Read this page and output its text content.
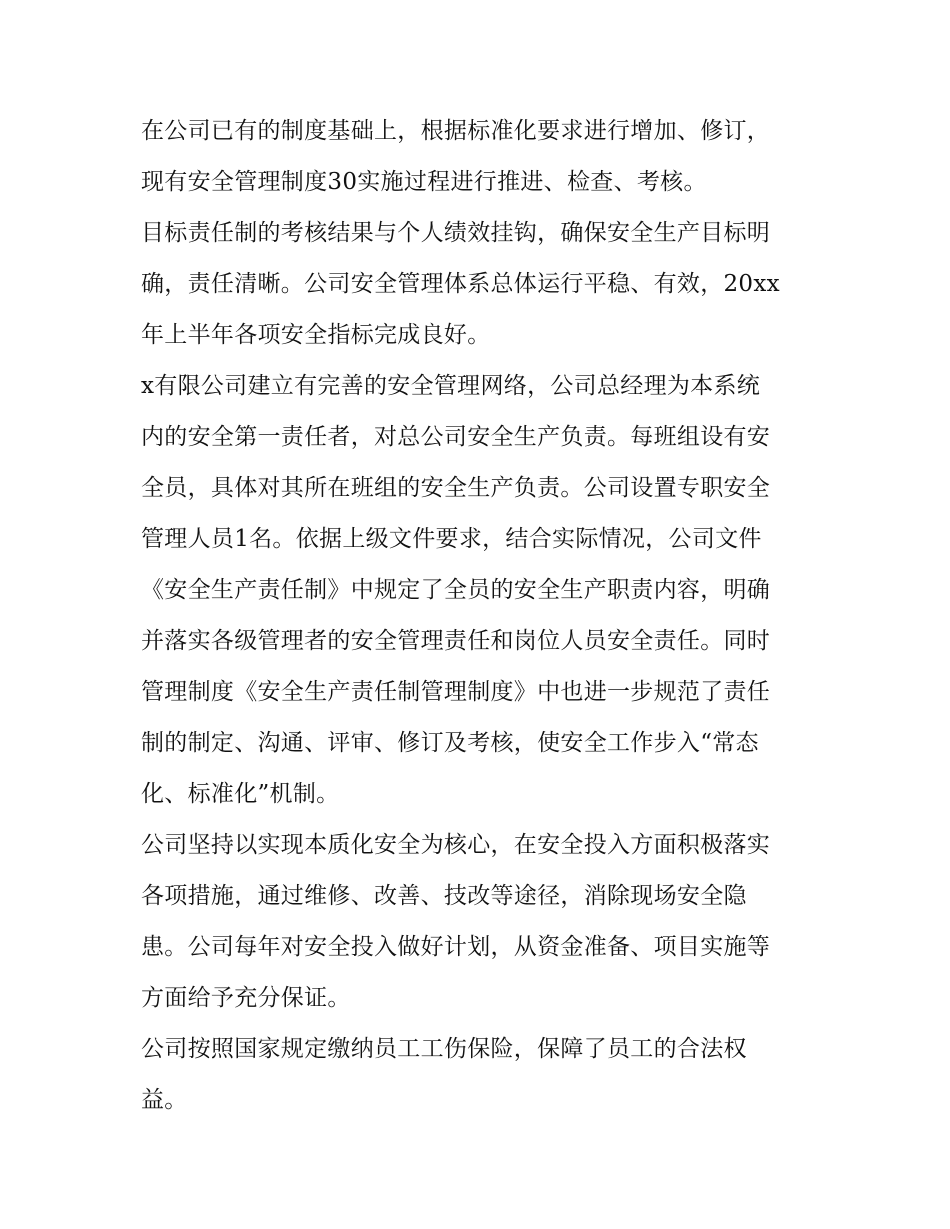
在公司已有的制度基础上，根据标准化要求进行增加、修订，
现有安全管理制度30实施过程进行推进、检查、考核。
目标责任制的考核结果与个人绩效挂钩，确保安全生产目标明
确，责任清晰。公司安全管理体系总体运行平稳、有效，20xx
年上半年各项安全指标完成良好。
x有限公司建立有完善的安全管理网络，公司总经理为本系统
内的安全第一责任者，对总公司安全生产负责。每班组设有安
全员，具体对其所在班组的安全生产负责。公司设置专职安全
管理人员1名。依据上级文件要求，结合实际情况，公司文件
《安全生产责任制》中规定了全员的安全生产职责内容，明确
并落实各级管理者的安全管理责任和岗位人员安全责任。同时
管理制度《安全生产责任制管理制度》中也进一步规范了责任
制的制定、沟通、评审、修订及考核，使安全工作步入“常态
化、标准化”机制。
公司坚持以实现本质化安全为核心，在安全投入方面积极落实
各项措施，通过维修、改善、技改等途径，消除现场安全隐
患。公司每年对安全投入做好计划，从资金准备、项目实施等
方面给予充分保证。
公司按照国家规定缴纳员工工伤保险，保障了员工的合法权
益。
